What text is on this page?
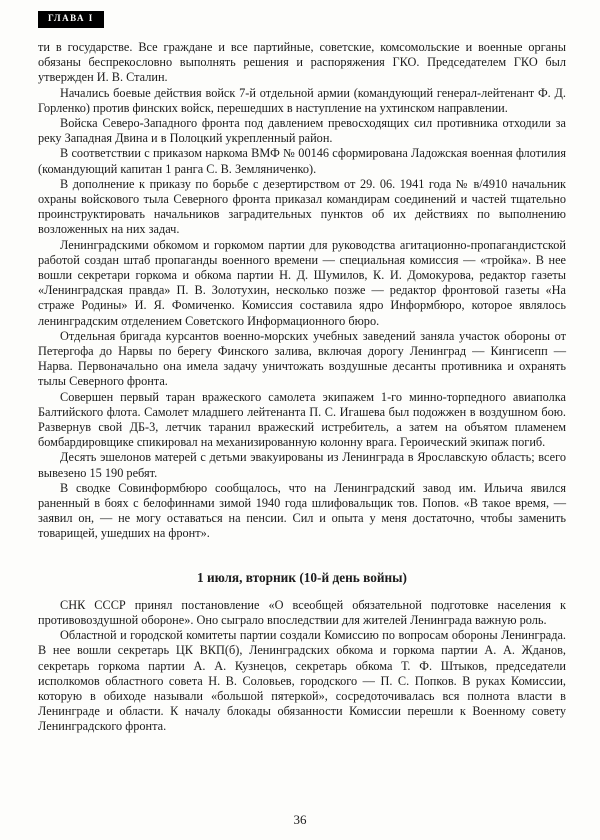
ГЛАВА I

ти в государстве. Все граждане и все партийные, советские, комсомольские и военные органы обязаны беспрекословно выполнять решения и распоряжения ГКО. Председателем ГКО был утвержден И. В. Сталин.

Начались боевые действия войск 7-й отдельной армии (командующий генерал-лейтенант Ф. Д. Горленко) против финских войск, перешедших в наступление на ухтинском направлении.

Войска Северо-Западного фронта под давлением превосходящих сил противника отходили за реку Западная Двина и в Полоцкий укрепленный район.

В соответствии с приказом наркома ВМФ № 00146 сформирована Ладожская военная флотилия (командующий капитан 1 ранга С. В. Земляниченко).

В дополнение к приказу по борьбе с дезертирством от 29. 06. 1941 года № в/4910 начальник охраны войскового тыла Северного фронта приказал командирам соединений и частей тщательно проинструктировать начальников заградительных пунктов об их действиях по выполнению возложенных на них задач.

Ленинградскими обкомом и горкомом партии для руководства агитационно-пропагандистской работой создан штаб пропаганды военного времени — специальная комиссия — «тройка». В нее вошли секретари горкома и обкома партии Н. Д. Шумилов, К. И. Домокурова, редактор газеты «Ленинградская правда» П. В. Золотухин, несколько позже — редактор фронтовой газеты «На страже Родины» И. Я. Фомиченко. Комиссия составила ядро Информбюро, которое являлось ленинградским отделением Советского Информационного бюро.

Отдельная бригада курсантов военно-морских учебных заведений заняла участок обороны от Петергофа до Нарвы по берегу Финского залива, включая дорогу Ленинград — Кингисепп — Нарва. Первоначально она имела задачу уничтожать воздушные десанты противника и охранять тылы Северного фронта.

Совершен первый таран вражеского самолета экипажем 1-го минно-торпедного авиаполка Балтийского флота. Самолет младшего лейтенанта П. С. Игашева был подожжен в воздушном бою. Развернув свой ДБ-3, летчик таранил вражеский истребитель, а затем на объятом пламенем бомбардировщике спикировал на механизированную колонну врага. Героический экипаж погиб.

Десять эшелонов матерей с детьми эвакуированы из Ленинграда в Ярославскую область; всего вывезено 15 190 ребят.

В сводке Совинформбюро сообщалось, что на Ленинградский завод им. Ильича явился раненный в боях с белофиннами зимой 1940 года шлифовальщик тов. Попов. «В такое время, — заявил он, — не могу оставаться на пенсии. Сил и опыта у меня достаточно, чтобы заменить товарищей, ушедших на фронт».

1 июля, вторник (10-й день войны)

СНК СССР принял постановление «О всеобщей обязательной подготовке населения к противовоздушной обороне». Оно сыграло впоследствии для жителей Ленинграда важную роль.

Областной и городской комитеты партии создали Комиссию по вопросам обороны Ленинграда. В нее вошли секретарь ЦК ВКП(б), Ленинградских обкома и горкома партии А. А. Жданов, секретарь горкома партии А. А. Кузнецов, секретарь обкома Т. Ф. Штыков, председатели исполкомов областного совета Н. В. Соловьев, городского — П. С. Попков. В руках Комиссии, которую в обиходе называли «большой пятеркой», сосредоточивалась вся полнота власти в Ленинграде и области. К началу блокады обязанности Комиссии перешли к Военному совету Ленинградского фронта.

36
